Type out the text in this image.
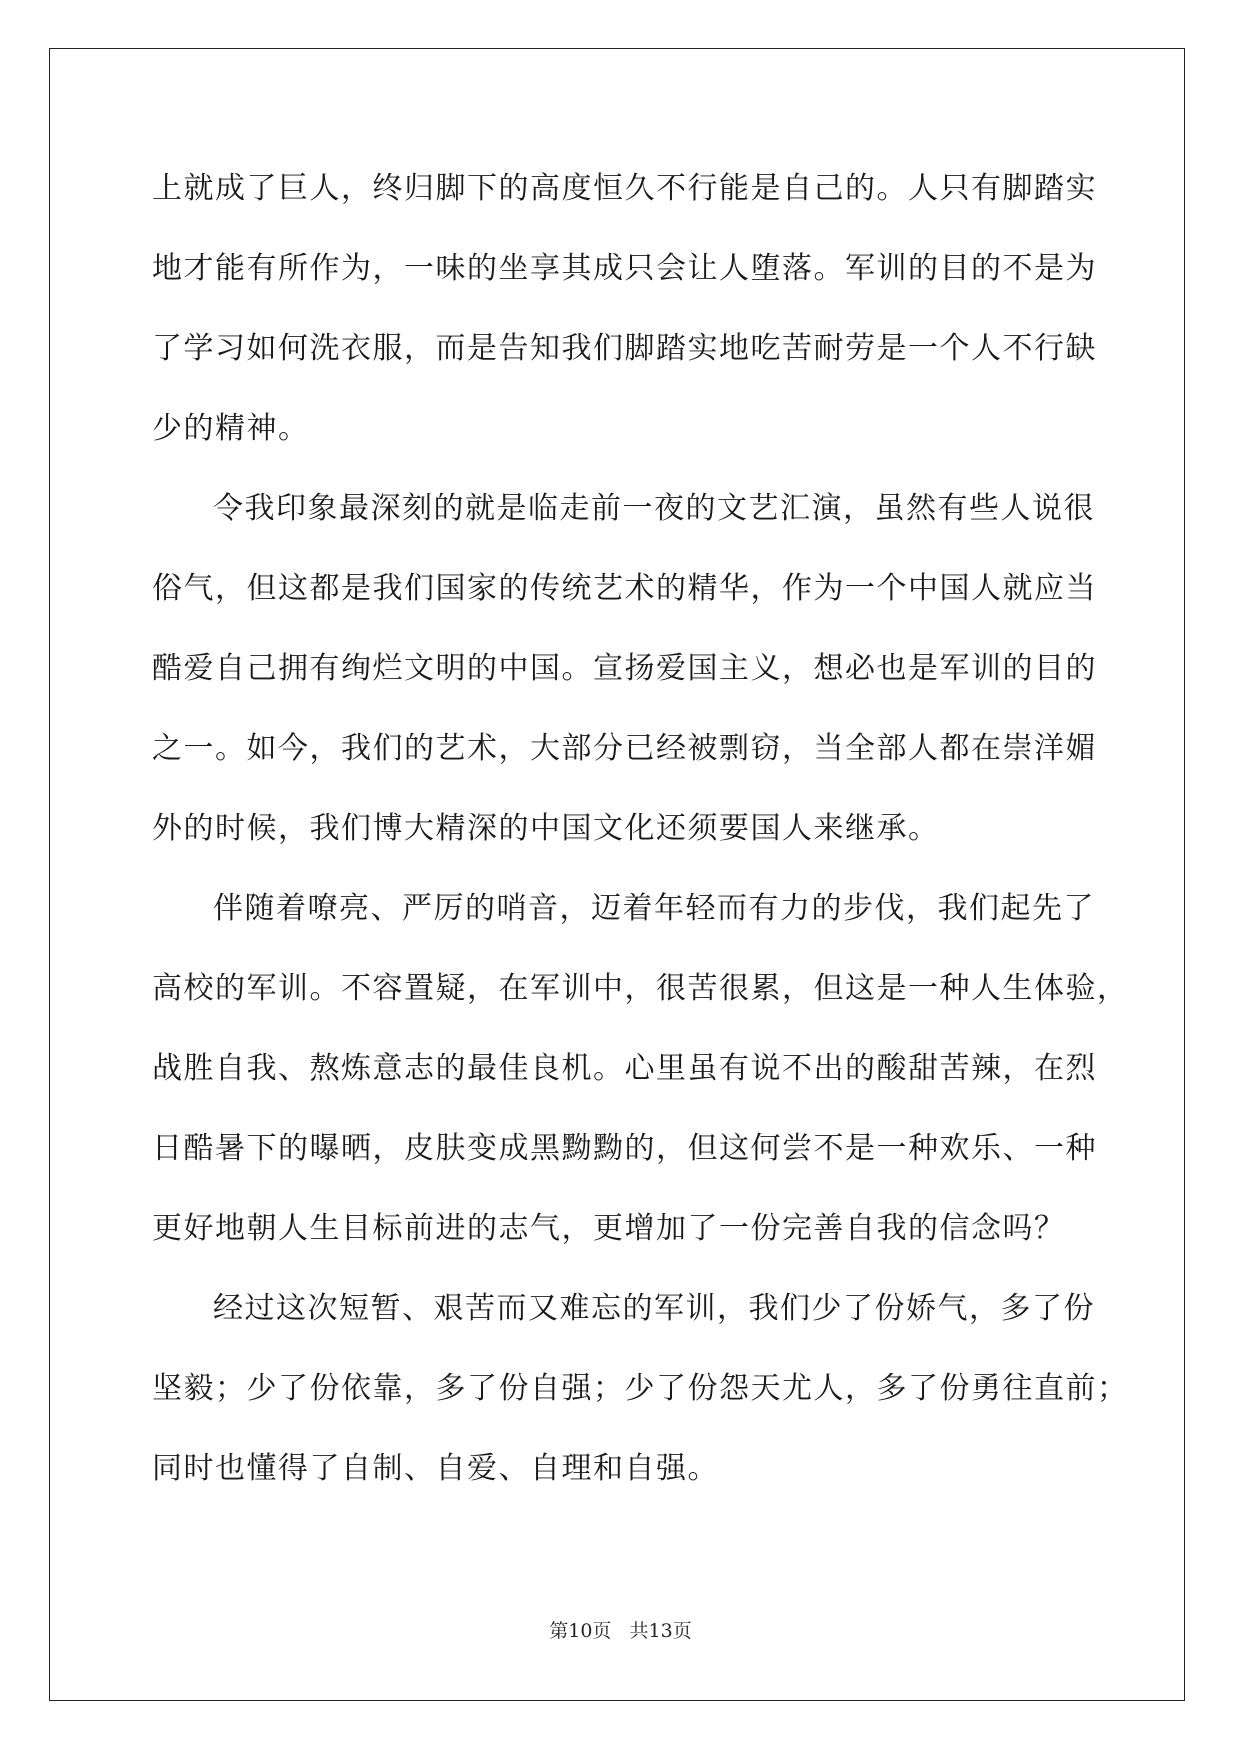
上就成了巨人，终归脚下的高度恒久不行能是自己的。人只有脚踏实
地才能有所作为，一味的坐享其成只会让人堕落。军训的目的不是为
了学习如何洗衣服，而是告知我们脚踏实地吃苦耐劳是一个人不行缺
少的精神。
令我印象最深刻的就是临走前一夜的文艺汇演，虽然有些人说很
俗气，但这都是我们国家的传统艺术的精华，作为一个中国人就应当
酷爱自己拥有绚烂文明的中国。宣扬爱国主义，想必也是军训的目的
之一。如今，我们的艺术，大部分已经被剽窃，当全部人都在崇洋媚
外的时候，我们博大精深的中国文化还须要国人来继承。
伴随着嘹亮、严厉的哨音，迈着年轻而有力的步伐，我们起先了
高校的军训。不容置疑，在军训中，很苦很累，但这是一种人生体验，
战胜自我、熬炼意志的最佳良机。心里虽有说不出的酸甜苦辣，在烈
日酷暑下的曝晒，皮肤变成黑黝黝的，但这何尝不是一种欢乐、一种
更好地朝人生目标前进的志气，更增加了一份完善自我的信念吗？
经过这次短暂、艰苦而又难忘的军训，我们少了份娇气，多了份
坚毅；少了份依靠，多了份自强；少了份怨天尤人，多了份勇往直前；
同时也懂得了自制、自爱、自理和自强。
第10页   共13页
